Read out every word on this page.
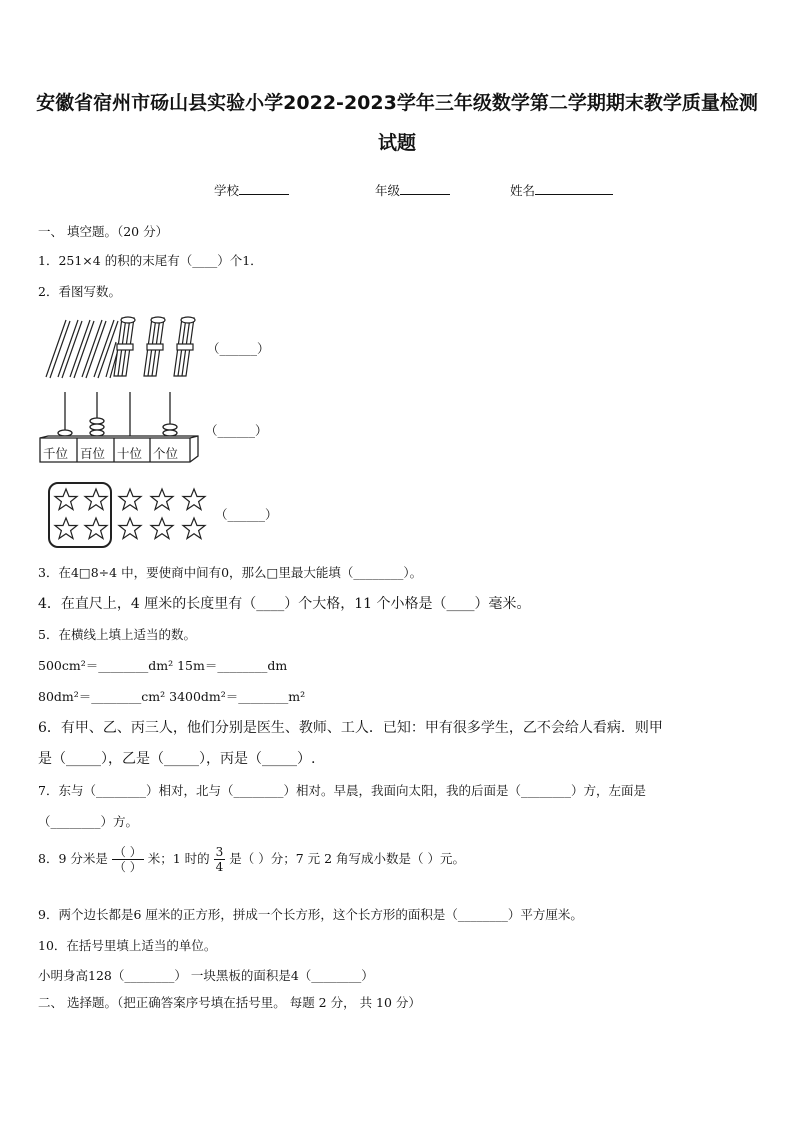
安徽省宿州市砀山县实验小学2022-2023学年三年级数学第二学期期末教学质量检测
试题
学校	年级	姓名
一、 填空题。（20 分）
1．251×4 的积的末尾有（____）个1．
2．看图写数。
（______）
千位 百位 十位 个位
（______）
（______）
3．在4□8÷4 中，要使商中间有0，那么□里最大能填（________）。
4．在直尺上，4 厘米的长度里有（____）个大格，11 个小格是（____）毫米。
5．在横线上填上适当的数。
500cm²＝________dm² 15m＝________dm
80dm²＝________cm² 3400dm²＝________m²
6．有甲、乙、丙三人，他们分别是医生、教师、工人．已知：甲有很多学生，乙不会给人看病．则甲
是（_____），乙是（_____），丙是（_____）.
7．东与（________）相对，北与（________）相对。早晨，我面向太阳，我的后面是（________）方，左面是
（________）方。
8．9 分米是 $\frac{( )}{( )}$ 米；1 时的 $\frac{3}{4}$ 是（ ）分；7 元 2 角写成小数是（ ）元。
9．两个边长都是6 厘米的正方形，拼成一个长方形，这个长方形的面积是（________）平方厘米。
10．在括号里填上适当的单位。
小明身高128（________） 一块黑板的面积是4（________）
二、 选择题。（把正确答案序号填在括号里。 每题 2 分， 共 10 分）
